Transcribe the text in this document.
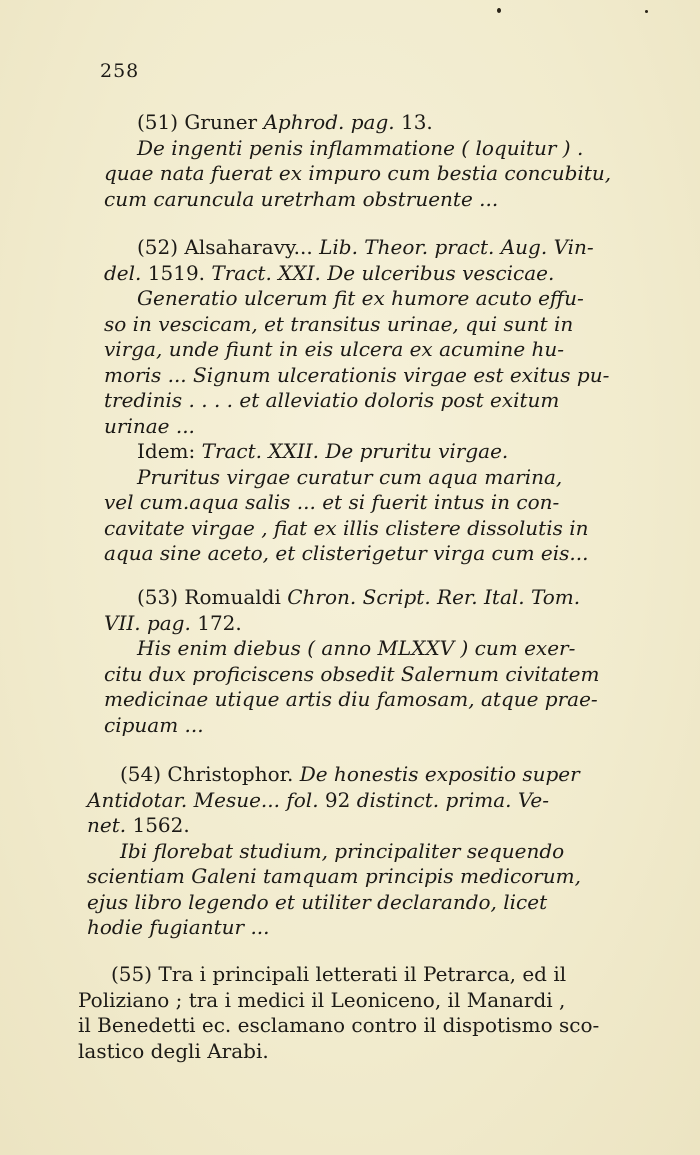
258

(51) Gruner Aphrod. pag. 13.

De ingenti penis inflammatione ( loquitur ) .

quae nata fuerat ex impuro cum bestia concubitu,

cum caruncula uretrham obstruente ...

(52) Alsaharavy... Lib. Theor. pract. Aug. Vin-

del. 1519. Tract. XXI. De ulceribus vescicae.

Generatio ulcerum fit ex humore acuto effu-

so in vescicam, et transitus urinae, qui sunt in

virga, unde fiunt in eis ulcera ex acumine hu-

moris ... Signum ulcerationis virgae est exitus pu-

tredinis . . . . et alleviatio doloris post exitum

urinae ...

Idem: Tract. XXII. De pruritu virgae.

Pruritus virgae curatur cum aqua marina,

vel cum.aqua salis ... et si fuerit intus in con-

cavitate virgae , fiat ex illis clistere dissolutis in

aqua sine aceto, et clisterigetur virga cum eis...

(53) Romualdi Chron. Script. Rer. Ital. Tom.

VII. pag. 172.

His enim diebus ( anno MLXXV ) cum exer-

citu dux proficiscens obsedit Salernum civitatem

medicinae utique artis diu famosam, atque prae-

cipuam ...

(54) Christophor. De honestis expositio super

Antidotar. Mesue... fol. 92 distinct. prima. Ve-

net. 1562.

Ibi florebat studium, principaliter sequendo

scientiam Galeni tamquam principis medicorum,

ejus libro legendo et utiliter declarando, licet

hodie fugiantur ...

(55) Tra i principali letterati il Petrarca, ed il

Poliziano ; tra i medici il Leoniceno, il Manardi ,

il Benedetti ec. esclamano contro il dispotismo sco-

lastico degli Arabi.
